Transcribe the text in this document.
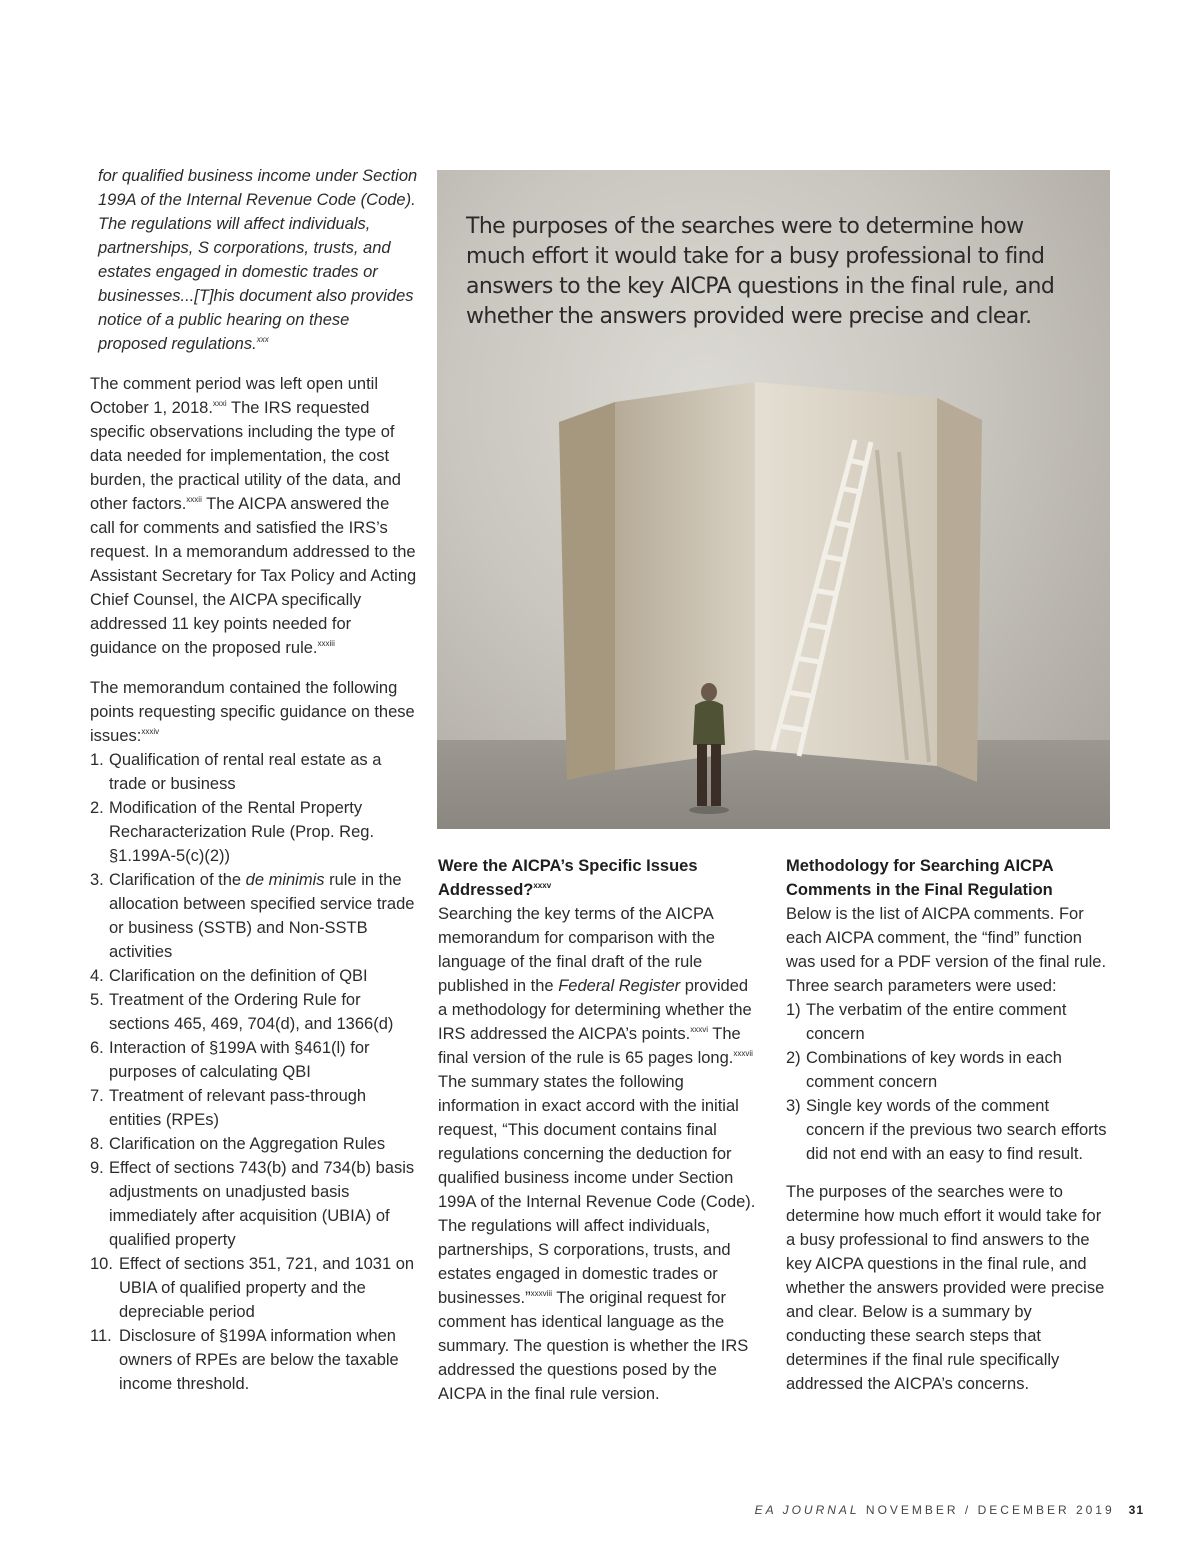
for qualified business income under Section 199A of the Internal Revenue Code (Code). The regulations will affect individuals, partnerships, S corporations, trusts, and estates engaged in domestic trades or businesses...[T]his document also provides notice of a public hearing on these proposed regulations.$^{xxx}$

The comment period was left open until October 1, 2018.$^{xxxi}$ The IRS requested specific observations including the type of data needed for implementation, the cost burden, the practical utility of the data, and other factors.$^{xxxii}$ The AICPA answered the call for comments and satisfied the IRS’s request. In a memorandum addressed to the Assistant Secretary for Tax Policy and Acting Chief Counsel, the AICPA specifically addressed 11 key points needed for guidance on the proposed rule.$^{xxxiii}$

The memorandum contained the following points requesting specific guidance on these issues:$^{xxxiv}$
1. Qualification of rental real estate as a trade or business
2. Modification of the Rental Property Recharacterization Rule (Prop. Reg. §1.199A-5(c)(2))
3. Clarification of the de minimis rule in the allocation between specified service trade or business (SSTB) and Non-SSTB activities
4. Clarification on the definition of QBI
5. Treatment of the Ordering Rule for sections 465, 469, 704(d), and 1366(d)
6. Interaction of §199A with §461(l) for purposes of calculating QBI
7. Treatment of relevant pass-through entities (RPEs)
8. Clarification on the Aggregation Rules
9. Effect of sections 743(b) and 734(b) basis adjustments on unadjusted basis immediately after acquisition (UBIA) of qualified property
10. Effect of sections 351, 721, and 1031 on UBIA of qualified property and the depreciable period
11. Disclosure of §199A information when owners of RPEs are below the taxable income threshold.
The purposes of the searches were to determine how much effort it would take for a busy professional to find answers to the key AICPA questions in the final rule, and whether the answers provided were precise and clear.
Were the AICPA’s Specific Issues Addressed?$^{xxxv}$
Searching the key terms of the AICPA memorandum for comparison with the language of the final draft of the rule published in the Federal Register provided a methodology for determining whether the IRS addressed the AICPA’s points.$^{xxxvi}$ The final version of the rule is 65 pages long.$^{xxxvii}$ The summary states the following information in exact accord with the initial request, “This document contains final regulations concerning the deduction for qualified business income under Section 199A of the Internal Revenue Code (Code). The regulations will affect individuals, partnerships, S corporations, trusts, and estates engaged in domestic trades or businesses.”$^{xxxviii}$ The original request for comment has identical language as the summary. The question is whether the IRS addressed the questions posed by the AICPA in the final rule version.
Methodology for Searching AICPA Comments in the Final Regulation
Below is the list of AICPA comments. For each AICPA comment, the “find” function was used for a PDF version of the final rule. Three search parameters were used:
1) The verbatim of the entire comment concern
2) Combinations of key words in each comment concern
3) Single key words of the comment concern if the previous two search efforts did not end with an easy to find result.

The purposes of the searches were to determine how much effort it would take for a busy professional to find answers to the key AICPA questions in the final rule, and whether the answers provided were precise and clear. Below is a summary by conducting these search steps that determines if the final rule specifically addressed the AICPA’s concerns.

EA JOURNAL NOVEMBER / DECEMBER 2019 31
